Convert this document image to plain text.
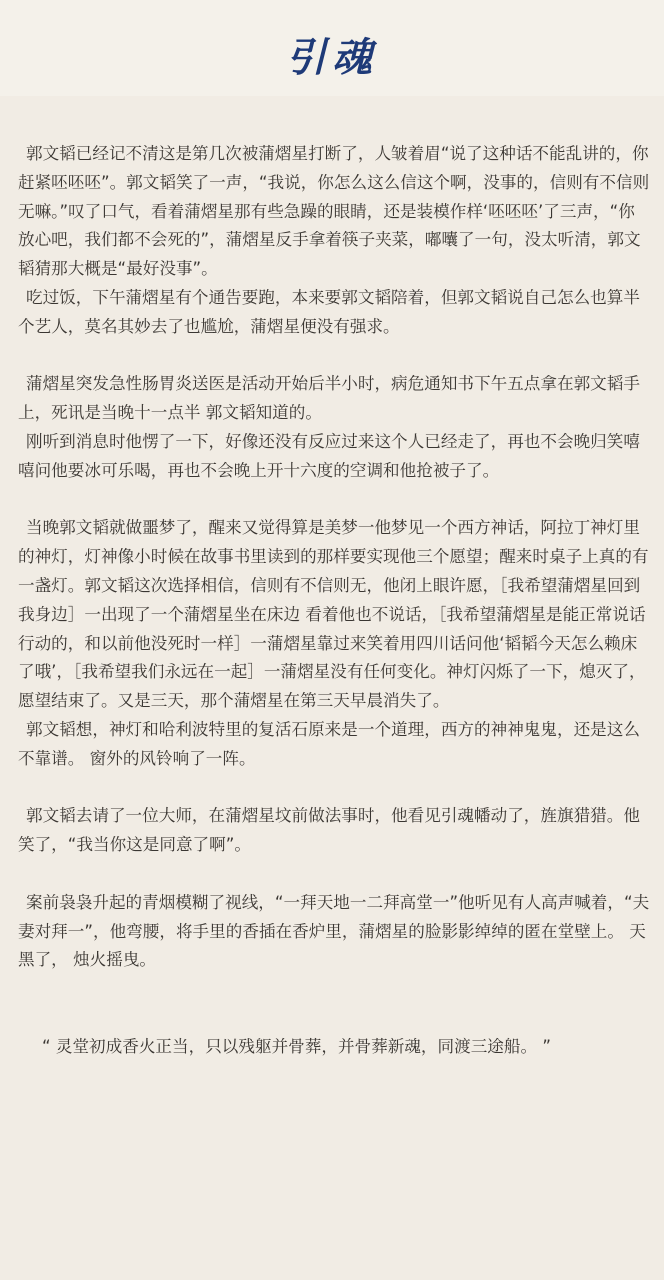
引魂

郭文韬已经记不清这是第几次被蒲熠星打断了，人皱着眉“说了这种话不能乱讲的，你赶紧呸呸呸”。郭文韬笑了一声，“我说，你怎么这么信这个啊，没事的，信则有不信则无嘛。”叹了口气，看着蒲熠星那有些急躁的眼睛，还是装模作样‘呸呸呸’了三声，“你放心吧，我们都不会死的”，蒲熠星反手拿着筷子夹菜，嘟囔了一句，没太听清，郭文韬猜那大概是“最好没事”。

吃过饭，下午蒲熠星有个通告要跑，本来要郭文韬陪着，但郭文韬说自己怎么也算半个艺人，莫名其妙去了也尴尬，蒲熠星便没有强求。

蒲熠星突发急性肠胃炎送医是活动开始后半小时，病危通知书下午五点拿在郭文韬手上，死讯是当晚十一点半 郭文韬知道的。

刚听到消息时他愣了一下，好像还没有反应过来这个人已经走了，再也不会晚归笑嘻嘻问他要冰可乐喝，再也不会晚上开十六度的空调和他抢被子了。

当晚郭文韬就做噩梦了，醒来又觉得算是美梦一他梦见一个西方神话，阿拉丁神灯里的神灯，灯神像小时候在故事书里读到的那样要实现他三个愿望；醒来时桌子上真的有一盏灯。郭文韬这次选择相信，信则有不信则无，他闭上眼许愿，［我希望蒲熠星回到我身边］一出现了一个蒲熠星坐在床边 看着他也不说话，［我希望蒲熠星是能正常说话行动的，和以前他没死时一样］一蒲熠星靠过来笑着用四川话问他‘韬韬今天怎么赖床了哦’，［我希望我们永远在一起］一蒲熠星没有任何变化。神灯闪烁了一下，熄灭了，愿望结束了。又是三天，那个蒲熠星在第三天早晨消失了。

郭文韬想，神灯和哈利波特里的复活石原来是一个道理，西方的神神鬼鬼，还是这么不靠谱。 窗外的风铃响了一阵。

郭文韬去请了一位大师，在蒲熠星坟前做法事时，他看见引魂幡动了，旌旗猎猎。他笑了，“我当你这是同意了啊”。

案前袅袅升起的青烟模糊了视线，“一拜天地一二拜高堂一”他听见有人高声喊着，“夫妻对拜一”，他弯腰，将手里的香插在香炉里，蒲熠星的脸影影绰绰的匿在堂壁上。 天黑了， 烛火摇曳。

“ 灵堂初成香火正当，只以残躯并骨葬，并骨葬新魂，同渡三途船。 ”
